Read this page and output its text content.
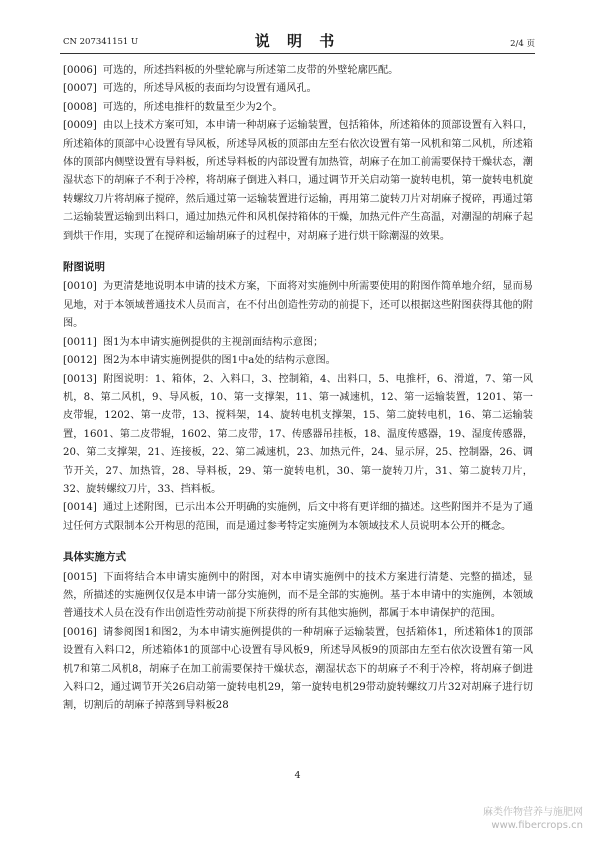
CN 207341151 U	说 明 书	2/4 页

[0006] 可选的，所述挡料板的外壁轮廓与所述第二皮带的外壁轮廓匹配。

[0007] 可选的，所述导风板的表面均匀设置有通风孔。

[0008] 可选的，所述电推杆的数量至少为2个。

[0009] 由以上技术方案可知，本申请一种胡麻子运输装置，包括箱体，所述箱体的顶部设置有入料口，所述箱体的顶部中心设置有导风板，所述导风板的顶部由左至右依次设置有第一风机和第二风机，所述箱体的顶部内侧壁设置有导料板，所述导料板的内部设置有加热管，胡麻子在加工前需要保持干燥状态，潮湿状态下的胡麻子不利于冷榨，将胡麻子倒进入料口，通过调节开关启动第一旋转电机，第一旋转电机旋转螺纹刀片将胡麻子搅碎，然后通过第一运输装置进行运输，再用第二旋转刀片对胡麻子搅碎，再通过第二运输装置运输到出料口，通过加热元件和风机保持箱体的干燥，加热元件产生高温，对潮湿的胡麻子起到烘干作用，实现了在搅碎和运输胡麻子的过程中，对胡麻子进行烘干除潮湿的效果。

附图说明

[0010] 为更清楚地说明本申请的技术方案，下面将对实施例中所需要使用的附图作简单地介绍，显而易见地，对于本领域普通技术人员而言，在不付出创造性劳动的前提下，还可以根据这些附图获得其他的附图。

[0011] 图1为本申请实施例提供的主视剖面结构示意图；

[0012] 图2为本申请实施例提供的图1中a处的结构示意图。

[0013] 附图说明：1、箱体，2、入料口，3、控制箱，4、出料口，5、电推杆，6、滑道，7、第一风机，8、第二风机，9、导风板，10、第一支撑架，11、第一减速机，12、第一运输装置，1201、第一皮带辊，1202、第一皮带，13、搅料架，14、旋转电机支撑架，15、第二旋转电机，16、第二运输装置，1601、第二皮带辊，1602、第二皮带，17、传感器吊挂板，18、温度传感器，19、湿度传感器，20、第二支撑架，21、连接板，22、第二减速机，23、加热元件，24、显示屏，25、控制器，26、调节开关，27、加热管，28、导料板，29、第一旋转电机，30、第一旋转刀片，31、第二旋转刀片，32、旋转螺纹刀片，33、挡料板。

[0014] 通过上述附图，已示出本公开明确的实施例，后文中将有更详细的描述。这些附图并不是为了通过任何方式限制本公开构思的范围，而是通过参考特定实施例为本领域技术人员说明本公开的概念。

具体实施方式

[0015] 下面将结合本申请实施例中的附图，对本申请实施例中的技术方案进行清楚、完整的描述，显然，所描述的实施例仅仅是本申请一部分实施例，而不是全部的实施例。基于本申请中的实施例，本领域普通技术人员在没有作出创造性劳动前提下所获得的所有其他实施例，都属于本申请保护的范围。

[0016] 请参阅图1和图2，为本申请实施例提供的一种胡麻子运输装置，包括箱体1，所述箱体1的顶部设置有入料口2，所述箱体1的顶部中心设置有导风板9，所述导风板9的顶部由左至右依次设置有第一风机7和第二风机8，胡麻子在加工前需要保持干燥状态，潮湿状态下的胡麻子不利于冷榨，将胡麻子倒进入料口2，通过调节开关26启动第一旋转电机29，第一旋转电机29带动旋转螺纹刀片32对胡麻子进行切割，切割后的胡麻子掉落到导料板28

4
麻类作物营养与施肥网
www.fibercrops.cn
